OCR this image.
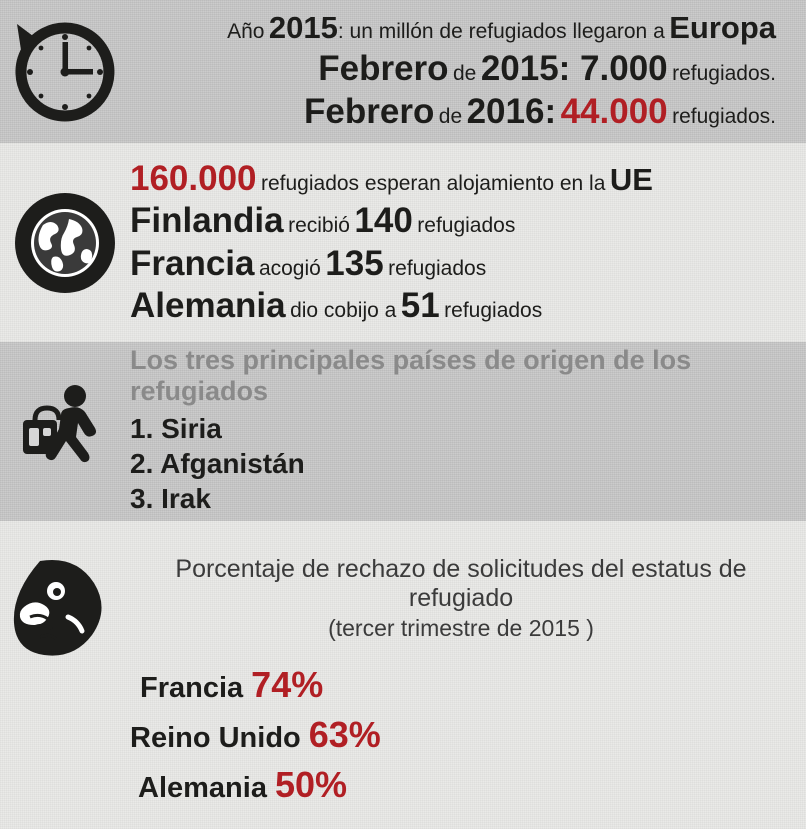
Año 2015: un millón de refugiados llegaron a Europa
Febrero de 2015: 7.000 refugiados.
Febrero de 2016: 44.000 refugiados.
160.000 refugiados esperan alojamiento en la UE
Finlandia recibió 140 refugiados
Francia acogió 135 refugiados
Alemania dio cobijo a 51 refugiados
Los tres principales países de origen de los refugiados
1. Siria
2. Afganistán
3. Irak
Porcentaje de rechazo de solicitudes del estatus de refugiado
(tercer trimestre de 2015 )
Francia 74%
Reino Unido 63%
Alemania 50%
